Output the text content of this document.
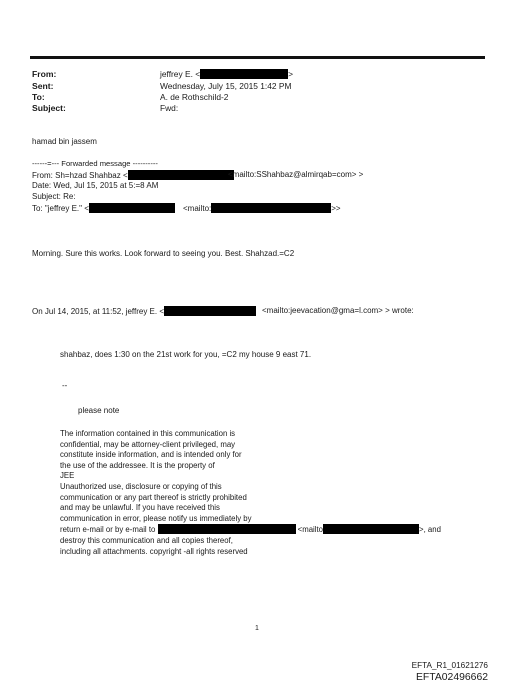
From:	jeffrey E. <	>
Sent:	Wednesday, July 15, 2015 1:42 PM
To:	A. de Rothschild-2
Subject:	Fwd:
hamad bin jassem
------=--- Forwarded message ----------
From: Sh=hzad Shahbaz <	<mailto:SShahbaz@almirqab=com> >
Date: Wed, Jul 15, 2015 at 5:=8 AM
Subject: Re:
To: "jeffrey E." <	<mailto:	>>
Morning. Sure this works. Look forward to seeing you. Best. Shahzad.=C2
On Jul 14, 2015, at 11:52, jeffrey E. <	<mailto:jeevacation@gma=l.com> > wrote:
shahbaz, does 1:30 on the 21st work for you, =C2 my house 9 east 71.
--
please note
The information contained in this communication is
confidential, may be attorney-client privileged, may
constitute inside information, and is intended only for
the use of the addressee. It is the property of
JEE
Unauthorized use, disclosure or copying of this
communication or any part thereof is strictly prohibited
and may be unlawful. If you have received this
communication in error, please notify us immediately by
return e-mail or by e-mail to	<mailto	>, and
destroy this communication and all copies thereof,
including all attachments. copyright -all rights reserved
1
EFTA_R1_01621276
EFTA02496662
